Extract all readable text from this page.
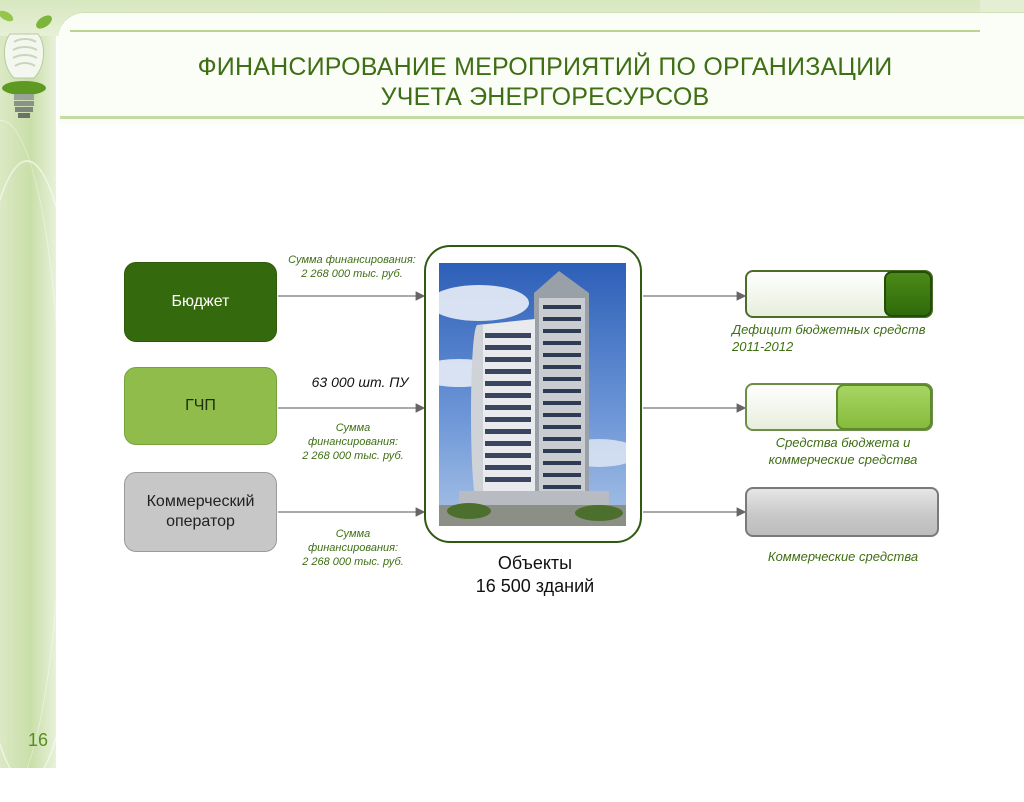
ФИНАНСИРОВАНИЕ МЕРОПРИЯТИЙ ПО ОРГАНИЗАЦИИ
УЧЕТА ЭНЕРГОРЕСУРСОВ
Бюджет
ГЧП
Коммерческий оператор
Сумма финансирования:
2 268 000 тыс. руб.
63 000 шт. ПУ
Сумма
финансирования:
2 268 000 тыс. руб.
Сумма
финансирования:
2 268 000 тыс. руб.	Объекты
16 500 зданий
Дефицит бюджетных средств
2011-2012
Средства бюджета и
коммерческие средства
Коммерческие средства
16
